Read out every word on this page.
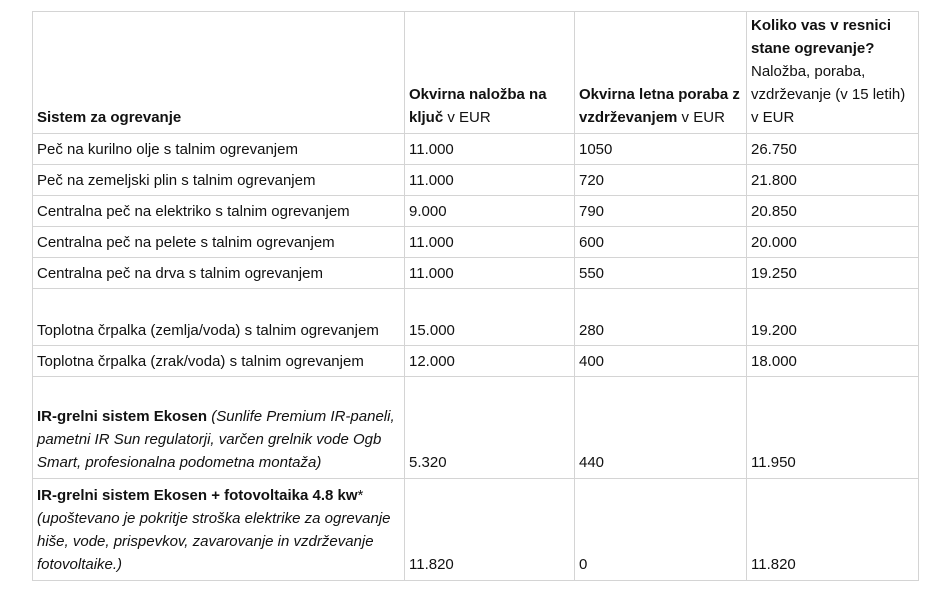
Sistem za ogrevanje	Okvirna naložba na ključ v EUR	Okvirna letna poraba z vzdrževanjem v EUR	Koliko vas v resnici stane ogrevanje?
Naložba, poraba, vzdrževanje (v 15 letih) v EUR
Peč na kurilno olje s talnim ogrevanjem	11.000	1050	26.750
Peč na zemeljski plin s talnim ogrevanjem	11.000	720	21.800
Centralna peč na elektriko s talnim ogrevanjem	9.000	790	20.850
Centralna peč na pelete s talnim ogrevanjem	11.000	600	20.000
Centralna peč na drva s talnim ogrevanjem	11.000	550	19.250
Toplotna črpalka (zemlja/voda) s talnim ogrevanjem	15.000	280	19.200
Toplotna črpalka (zrak/voda) s talnim ogrevanjem	12.000	400	18.000
IR-grelni sistem Ekosen (Sunlife Premium IR-paneli, pametni IR Sun regulatorji, varčen grelnik vode Ogb Smart, profesionalna podometna montaža)	5.320	440	11.950
IR-grelni sistem Ekosen + fotovoltaika 4.8 kw* (upoštevano je pokritje stroška elektrike za ogrevanje hiše, vode, prispevkov, zavarovanje in vzdrževanje fotovoltaike.)	11.820	0	11.820
